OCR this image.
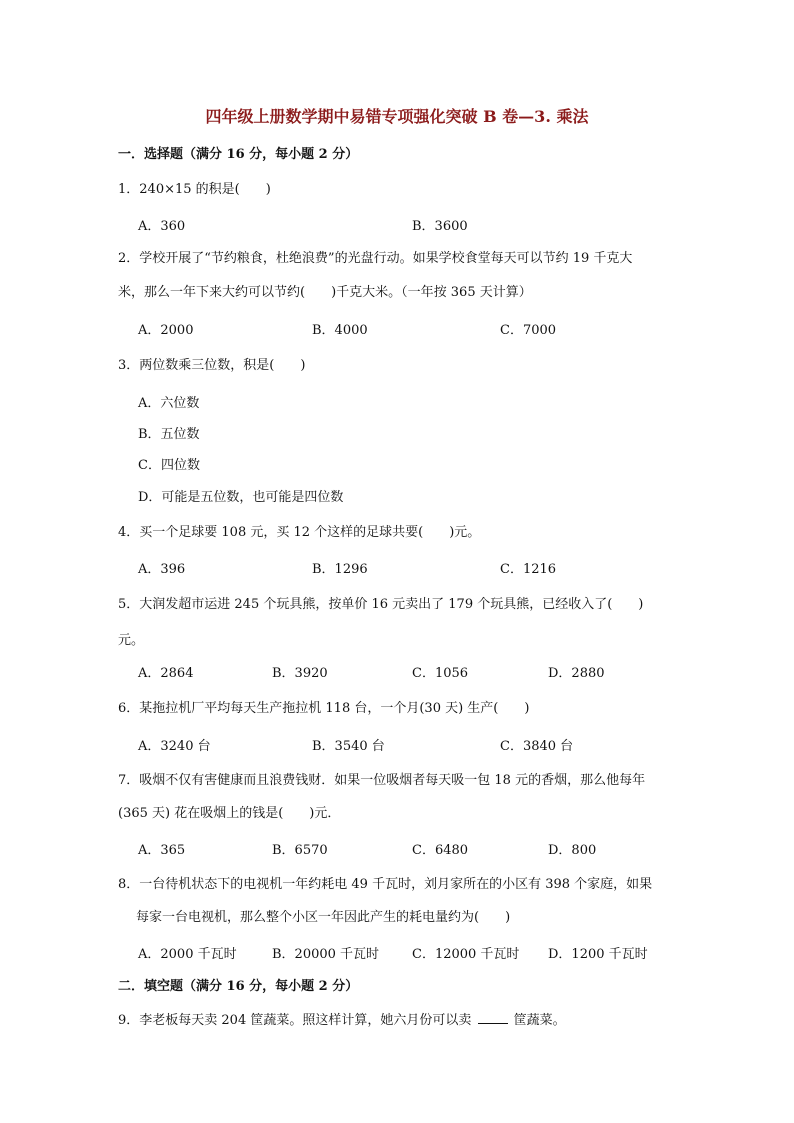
四年级上册数学期中易错专项强化突破 B 卷—3. 乘法
一．选择题（满分 16 分，每小题 2 分）
1．240×15 的积是(　　)
A．360	B．3600
2．学校开展了“节约粮食，杜绝浪费”的光盘行动。如果学校食堂每天可以节约 19 千克大
米，那么一年下来大约可以节约(　　)千克大米。（一年按 365 天计算）
A．2000	B．4000	C．7000
3．两位数乘三位数，积是(　　)
A．六位数
B．五位数
C．四位数
D．可能是五位数，也可能是四位数
4．买一个足球要 108 元，买 12 个这样的足球共要(　　)元。
A．396	B．1296	C．1216
5．大润发超市运进 245 个玩具熊，按单价 16 元卖出了 179 个玩具熊，已经收入了(　　)
元。
A．2864	B．3920	C．1056	D．2880
6．某拖拉机厂平均每天生产拖拉机 118 台，一个月(30 天) 生产(　　)
A．3240 台	B．3540 台	C．3840 台
7．吸烟不仅有害健康而且浪费钱财．如果一位吸烟者每天吸一包 18 元的香烟，那么他每年
(365 天) 花在吸烟上的钱是(　　)元．
A．365	B．6570	C．6480	D．800
8．一台待机状态下的电视机一年约耗电 49 千瓦时，刘月家所在的小区有 398 个家庭，如果
每家一台电视机，那么整个小区一年因此产生的耗电量约为(　　)
A．2000 千瓦时	B．20000 千瓦时	C．12000 千瓦时 D．1200 千瓦时
二．填空题（满分 16 分，每小题 2 分）
9．李老板每天卖 204 筐蔬菜。照这样计算，她六月份可以卖	筐蔬菜。
